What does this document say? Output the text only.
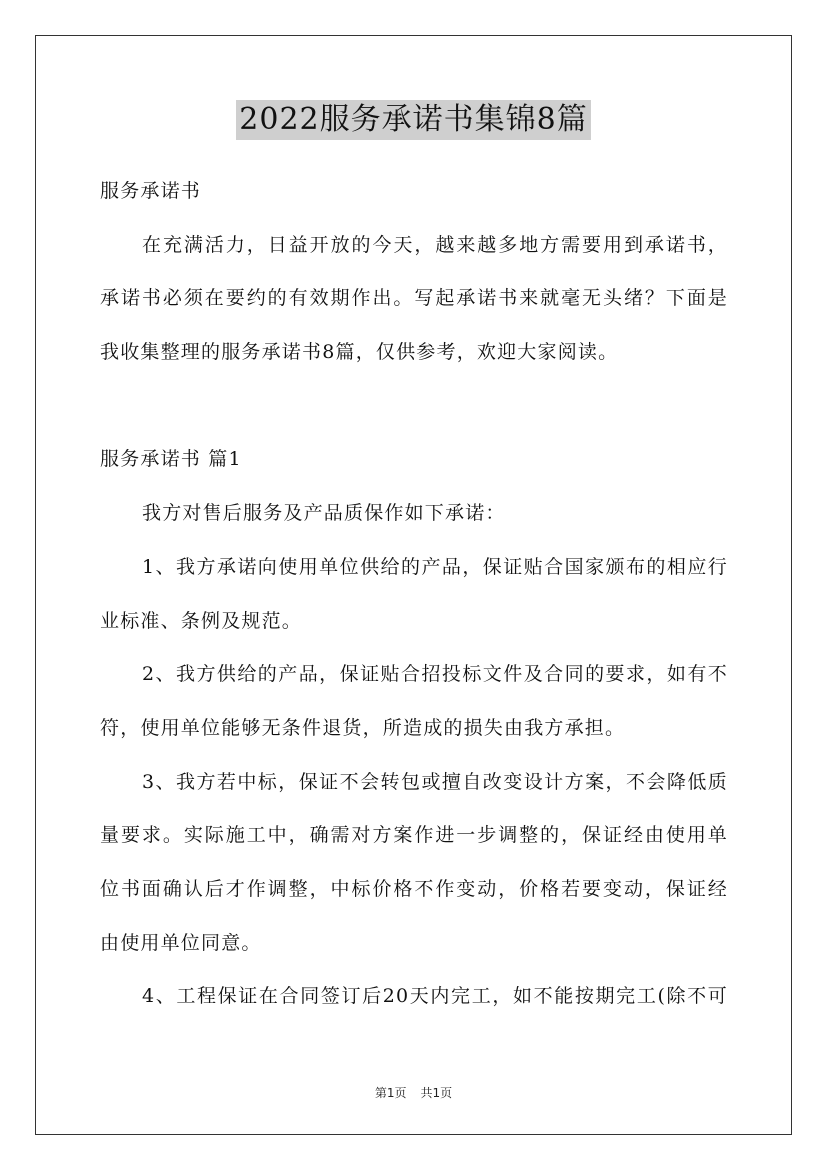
2022服务承诺书集锦8篇
服务承诺书
在充满活力，日益开放的今天，越来越多地方需要用到承诺书，
承诺书必须在要约的有效期作出。写起承诺书来就毫无头绪？下面是
我收集整理的服务承诺书8篇，仅供参考，欢迎大家阅读。
服务承诺书 篇1
我方对售后服务及产品质保作如下承诺：
1、我方承诺向使用单位供给的产品，保证贴合国家颁布的相应行
业标准、条例及规范。
2、我方供给的产品，保证贴合招投标文件及合同的要求，如有不
符，使用单位能够无条件退货，所造成的损失由我方承担。
3、我方若中标，保证不会转包或擅自改变设计方案，不会降低质
量要求。实际施工中，确需对方案作进一步调整的，保证经由使用单
位书面确认后才作调整，中标价格不作变动，价格若要变动，保证经
由使用单位同意。
4、工程保证在合同签订后20天内完工，如不能按期完工(除不可
第1页 共1页
